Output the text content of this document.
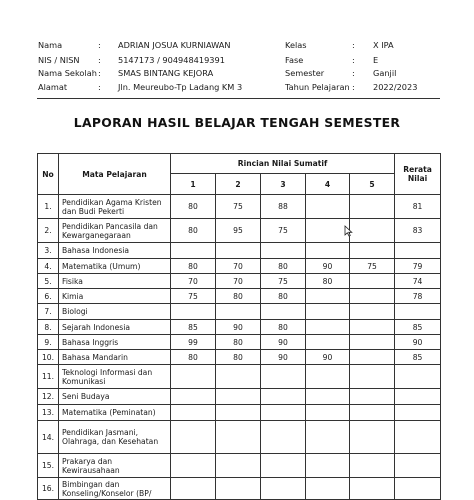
Nama	: ADRIAN JOSUA KURNIAWAN
NIS / NISN : 5147173 / 904948419391
Nama Sekolah : SMAS BINTANG KEJORA
Alamat	: Jln. Meureubo-Tp Ladang KM 3
Kelas	: X IPA
Fase	: E
Semester	: Ganjil
Tahun Pelajaran : 2022/2023
LAPORAN HASIL BELAJAR TENGAH SEMESTER
No	Mata Pelajaran	Rincian Nilai Sumatif					Rerata Nilai
		1	2	3	4	5	
1.	Pendidikan Agama Kristen dan Budi Pekerti	80	75	88			81
2.	Pendidikan Pancasila dan Kewarganegaraan	80	95	75			83
3.	Bahasa Indonesia						
4.	Matematika (Umum)	80	70	80	90	75	79
5.	Fisika	70	70	75	80		74
6.	Kimia	75	80	80			78
7.	Biologi						
8.	Sejarah Indonesia	85	90	80			85
9.	Bahasa Inggris	99	80	90			90
10.	Bahasa Mandarin	80	80	90	90		85
11.	Teknologi Informasi dan Komunikasi						
12.	Seni Budaya						
13.	Matematika (Peminatan)						
14.	Pendidikan Jasmani, Olahraga, dan Kesehatan						
15.	Prakarya dan Kewirausahaan						
16.	Bimbingan dan Konseling/Konselor (BP/						
